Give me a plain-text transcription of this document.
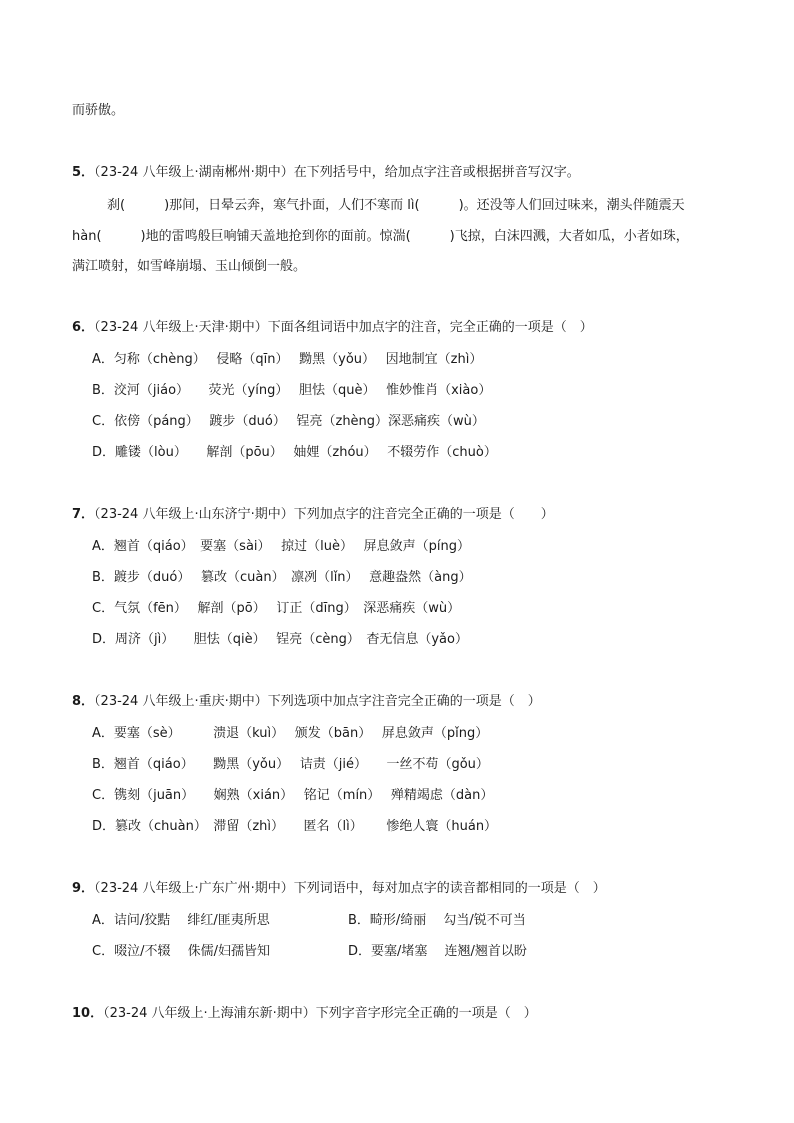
而骄傲。
5．（23-24 八年级上·湖南郴州·期中）在下列括号中，给加点字注音或根据拼音写汉字。
刹(　　　)那间，日晕云奔，寒气扑面，人们不寒而 lì(　　　)。还没等人们回过味来，潮头伴随震天
hàn(　　　)地的雷鸣般巨响铺天盖地抢到你的面前。惊湍(　　　)飞掠，白沫四溅，大者如瓜，小者如珠，
满江喷射，如雪峰崩塌、玉山倾倒一般。
6．（23-24 八年级上·天津·期中）下面各组词语中加点字的注音，完全正确的一项是（　）
A．匀称（chèng）　 侵略（qīn）　 黝黑（yǒu）　 因地制宜（zhì）
B．洨河（jiáo）　　荧光（yíng）　 胆怯（què）　 惟妙惟肖（xiào）
C．依傍（páng）　 踱步（duó）　 锃亮（zhèng）深恶痛疾（wù）
D．雕镂（lòu）　　解剖（pōu）　 妯娌（zhóu）　 不辍劳作（chuò）
7．（23-24 八年级上·山东济宁·期中）下列加点字的注音完全正确的一项是（　　）
A．翘首（qiáo）　要塞（sài）　 掠过（luè）　 屏息敛声（píng）
B．踱步（duó）　 篡改（cuàn）　凛冽（lǐn）　 意趣盎然（àng）
C．气氛（fēn）　 解剖（pō）　 订正（dīng）　深恶痛疾（wù）
D．周济（jì）　　胆怯（qiè）　 锃亮（cèng）　杳无信息（yǎo）
8．（23-24 八年级上·重庆·期中）下列选项中加点字注音完全正确的一项是（　）
A．要塞（sè）　　　溃退（kuì）　 颁发（bān）　 屏息敛声（pǐng）
B．翘首（qiáo）　　黝黑（yǒu）　 诘责（jié）　　一丝不苟（gǒu）
C．镌刻（juān）　　娴熟（xián）　 铭记（mín）　 殚精竭虑（dàn）
D．篡改（chuàn）　滞留（zhì）　　匿名（lì）　　 惨绝人寰（huán）
9．（23-24 八年级上·广东广州·期中）下列词语中，每对加点字的读音都相同的一项是（　）
A．诘问/狡黠　 绯红/匪夷所思	B．畸形/绮丽　 勾当/锐不可当
C．啜泣/不辍　 侏儒/妇孺皆知	D．要塞/堵塞　 连翘/翘首以盼
10．（23-24 八年级上·上海浦东新·期中）下列字音字形完全正确的一项是（　）
